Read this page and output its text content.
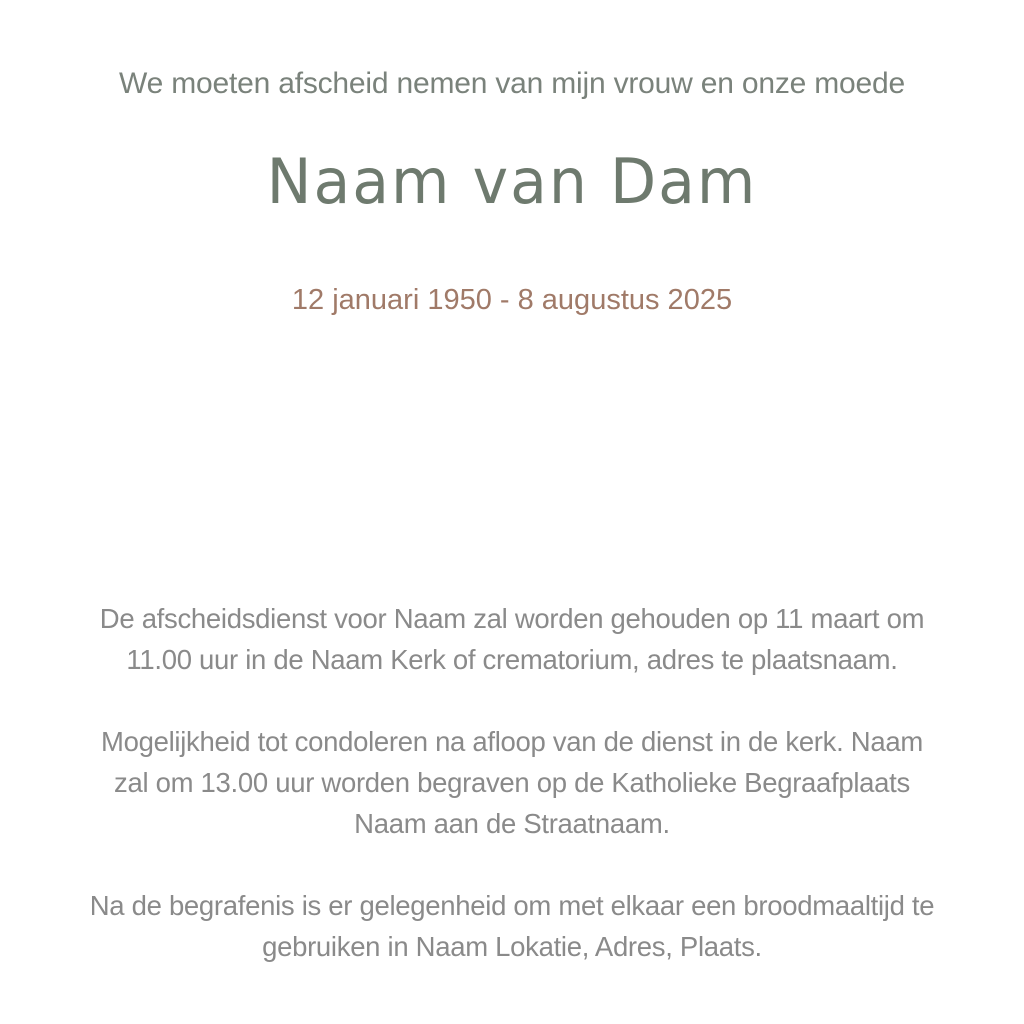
We moeten afscheid nemen van mijn vrouw en onze moede
Naam van Dam
12 januari 1950 - 8 augustus 2025

De afscheidsdienst voor Naam zal worden gehouden op 11 maart om
11.00 uur in de Naam Kerk of crematorium, adres te plaatsnaam.

Mogelijkheid tot condoleren na afloop van de dienst in de kerk. Naam
zal om 13.00 uur worden begraven op de Katholieke Begraafplaats
Naam aan de Straatnaam.

Na de begrafenis is er gelegenheid om met elkaar een broodmaaltijd te
gebruiken in Naam Lokatie, Adres, Plaats.
